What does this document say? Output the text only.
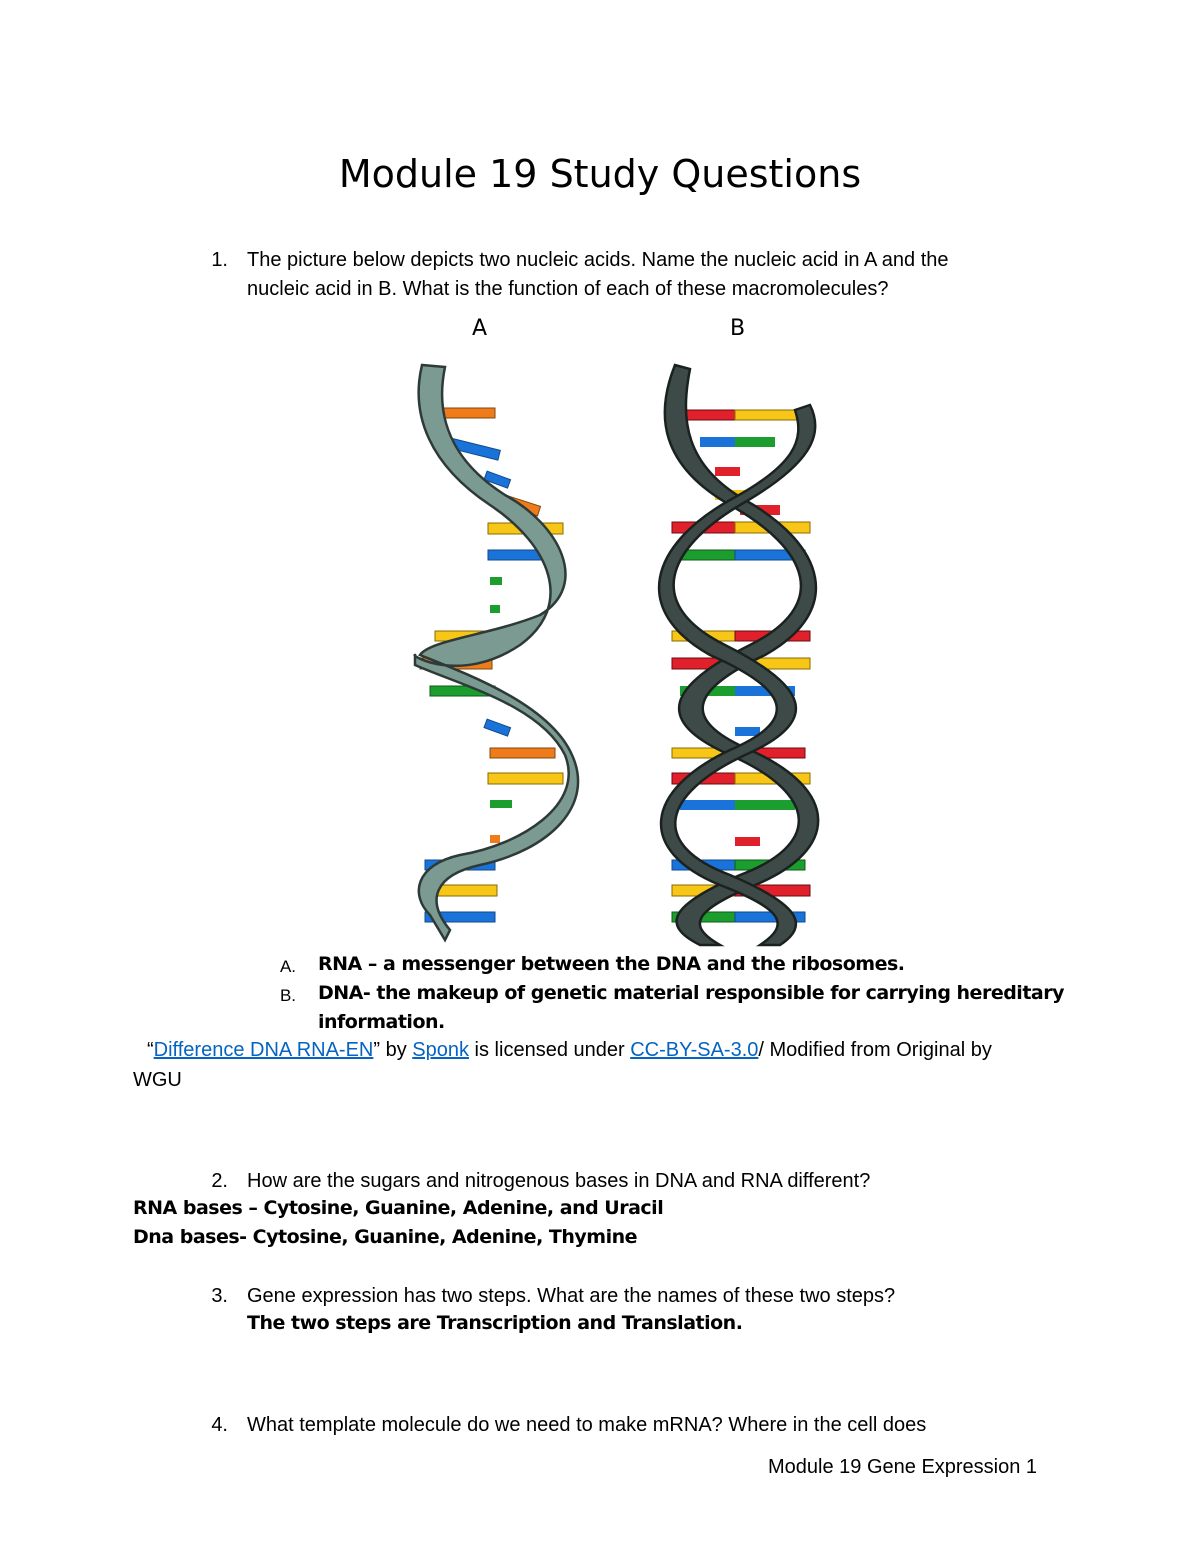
Module 19 Study Questions
1. The picture below depicts two nucleic acids. Name the nucleic acid in A and the
nucleic acid in B. What is the function of each of these macromolecules?
A	B
A. RNA – a messenger between the DNA and the ribosomes.
B. DNA- the makeup of genetic material responsible for carrying hereditary
information.
“Difference DNA RNA-EN” by Sponk is licensed under CC-BY-SA-3.0/ Modified from Original by
WGU
2. How are the sugars and nitrogenous bases in DNA and RNA different?
RNA bases – Cytosine, Guanine, Adenine, and Uracil
Dna bases- Cytosine, Guanine, Adenine, Thymine
3. Gene expression has two steps. What are the names of these two steps?
The two steps are Transcription and Translation.
4. What template molecule do we need to make mRNA? Where in the cell does
Module 19 Gene Expression 1
